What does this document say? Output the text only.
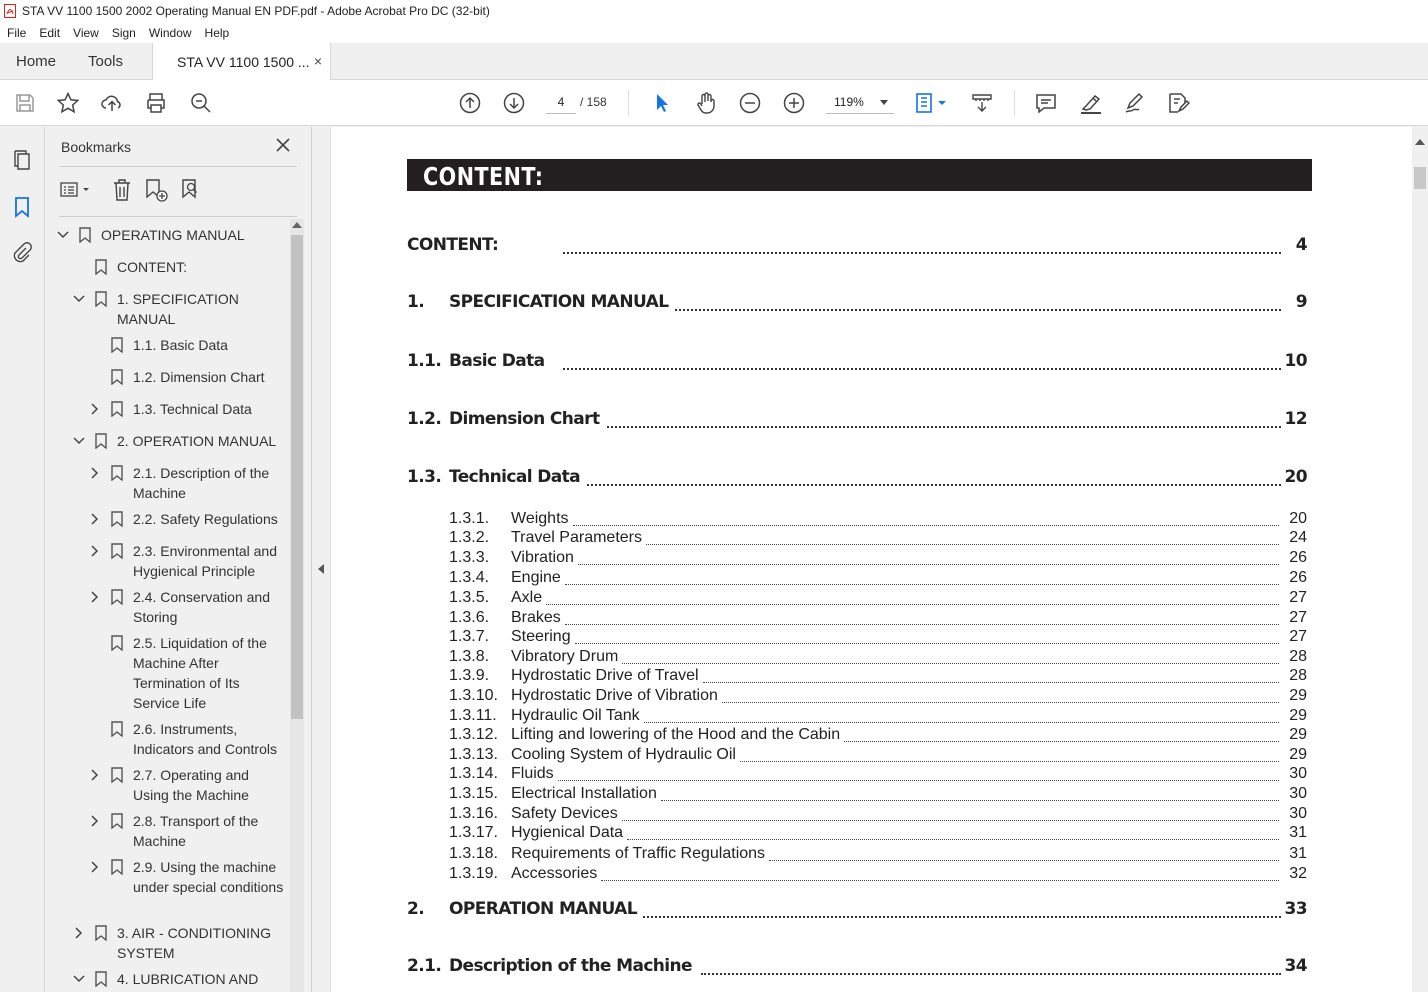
STA VV 1100 1500 2002 Operating Manual EN PDF.pdf - Adobe Acrobat Pro DC (32-bit)
File	Edit	View	Sign	Window	Help
Home Tools	STA VV 1100 1500 ... ×
4	/ 158	119%
Bookmarks
OPERATING MANUAL
CONTENT:
1. SPECIFICATION MANUAL
1.1. Basic Data
1.2. Dimension Chart
1.3. Technical Data
2. OPERATION MANUAL
2.1. Description of the Machine
2.2. Safety Regulations
2.3. Environmental and Hygienical Principle
2.4. Conservation and Storing
2.5. Liquidation of the Machine After Termination of Its Service Life
2.6. Instruments, Indicators and Controls
2.7. Operating and Using the Machine
2.8. Transport of the Machine
2.9. Using the machine under special conditions
3. AIR - CONDITIONING SYSTEM
4. LUBRICATION AND
CONTENT:
CONTENT:	4
1. SPECIFICATION MANUAL	9
1.1. Basic Data	10
1.2. Dimension Chart	12
1.3. Technical Data	20
1.3.1. Weights	20
1.3.2. Travel Parameters	24
1.3.3. Vibration	26
1.3.4. Engine	26
1.3.5. Axle	27
1.3.6. Brakes	27
1.3.7. Steering	27
1.3.8. Vibratory Drum	28
1.3.9. Hydrostatic Drive of Travel	28
1.3.10. Hydrostatic Drive of Vibration	29
1.3.11. Hydraulic Oil Tank	29
1.3.12. Lifting and lowering of the Hood and the Cabin	29
1.3.13. Cooling System of Hydraulic Oil	29
1.3.14. Fluids	30
1.3.15. Electrical Installation	30
1.3.16. Safety Devices	30
1.3.17. Hygienical Data	31
1.3.18. Requirements of Traffic Regulations	31
1.3.19. Accessories	32
2. OPERATION MANUAL	33
2.1. Description of the Machine	34
